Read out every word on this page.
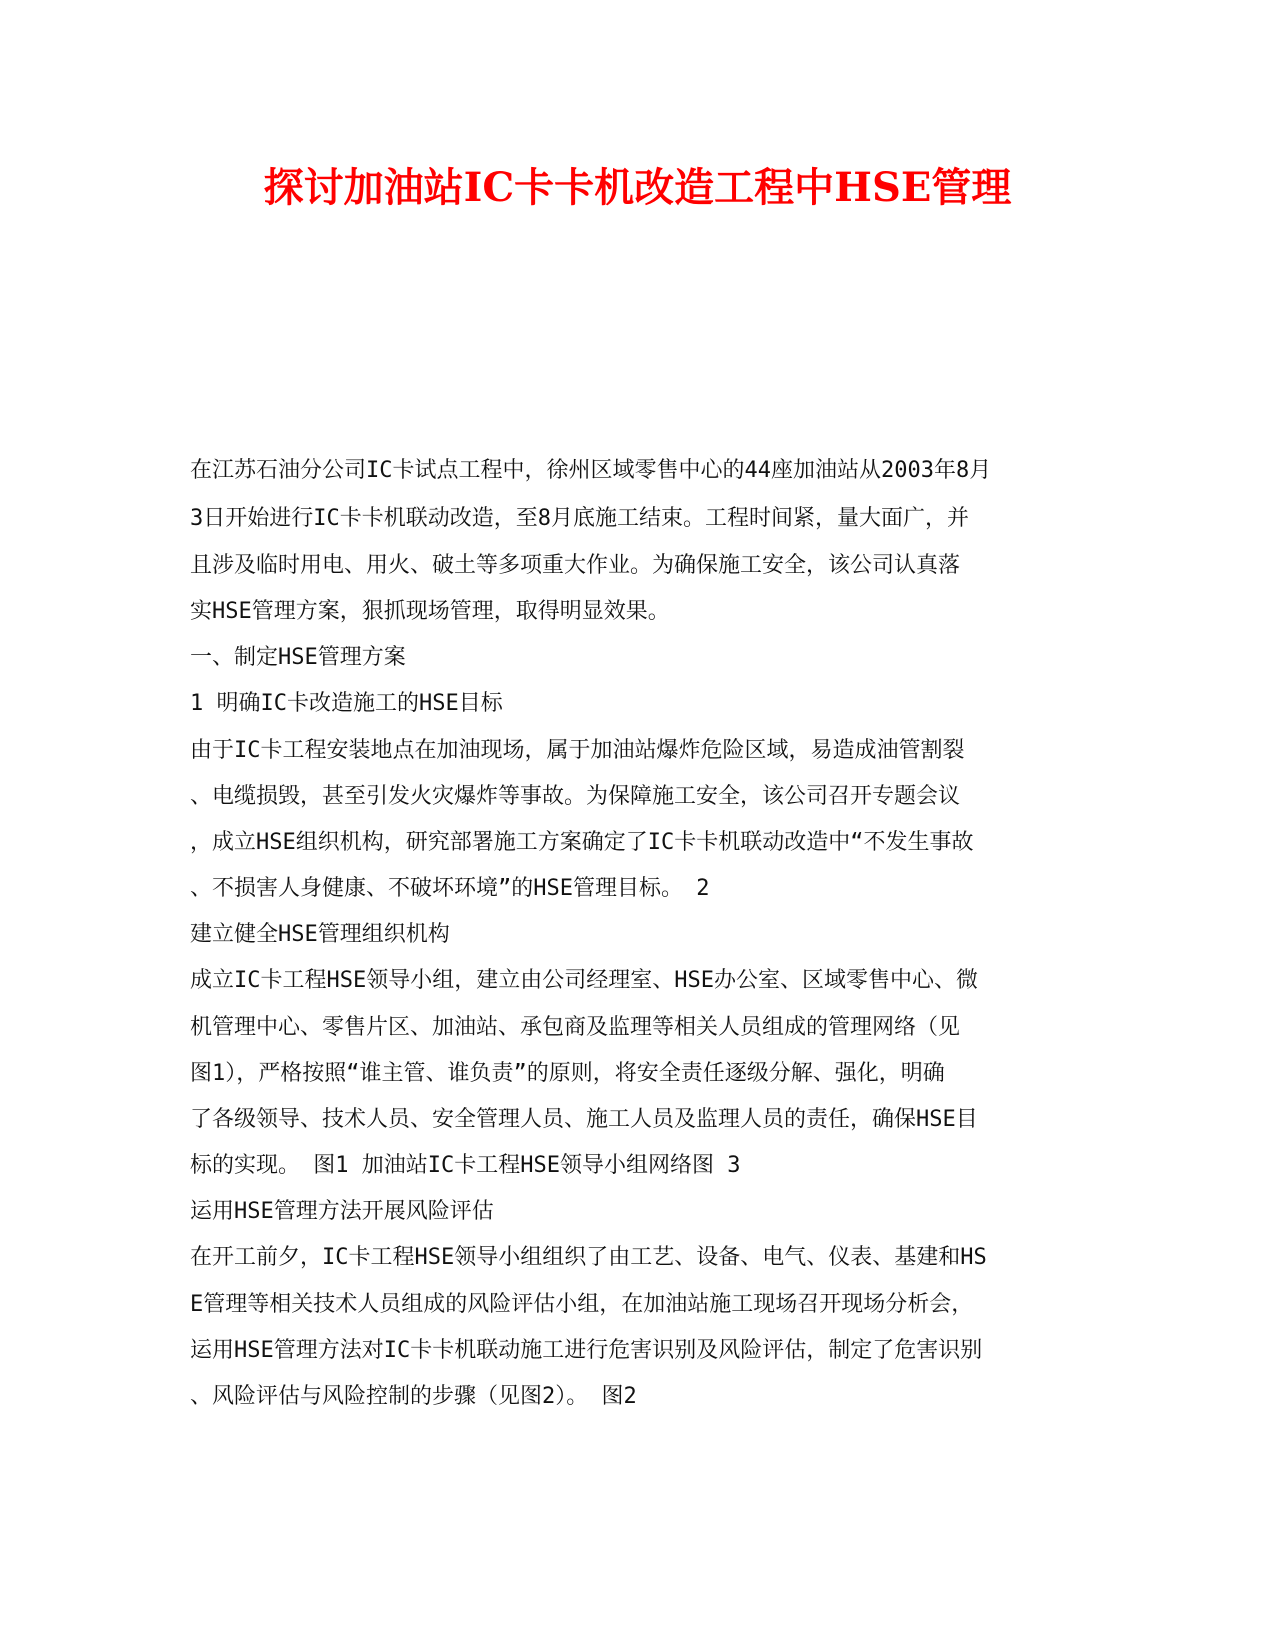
探讨加油站IC卡卡机改造工程中HSE管理
在江苏石油分公司IC卡试点工程中，徐州区域零售中心的44座加油站从2003年8月
3日开始进行IC卡卡机联动改造，至8月底施工结束。工程时间紧，量大面广，并
且涉及临时用电、用火、破土等多项重大作业。为确保施工安全，该公司认真落
实HSE管理方案，狠抓现场管理，取得明显效果。
一、制定HSE管理方案
1 明确IC卡改造施工的HSE目标
由于IC卡工程安装地点在加油现场，属于加油站爆炸危险区域，易造成油管割裂
、电缆损毁，甚至引发火灾爆炸等事故。为保障施工安全，该公司召开专题会议
，成立HSE组织机构，研究部署施工方案确定了IC卡卡机联动改造中“不发生事故
、不损害人身健康、不破坏环境”的HSE管理目标。 2
建立健全HSE管理组织机构
成立IC卡工程HSE领导小组，建立由公司经理室、HSE办公室、区域零售中心、微
机管理中心、零售片区、加油站、承包商及监理等相关人员组成的管理网络（见
图1），严格按照“谁主管、谁负责”的原则，将安全责任逐级分解、强化，明确
了各级领导、技术人员、安全管理人员、施工人员及监理人员的责任，确保HSE目
标的实现。 图1 加油站IC卡工程HSE领导小组网络图 3
运用HSE管理方法开展风险评估
在开工前夕，IC卡工程HSE领导小组组织了由工艺、设备、电气、仪表、基建和HS
E管理等相关技术人员组成的风险评估小组，在加油站施工现场召开现场分析会，
运用HSE管理方法对IC卡卡机联动施工进行危害识别及风险评估，制定了危害识别
、风险评估与风险控制的步骤（见图2）。 图2
